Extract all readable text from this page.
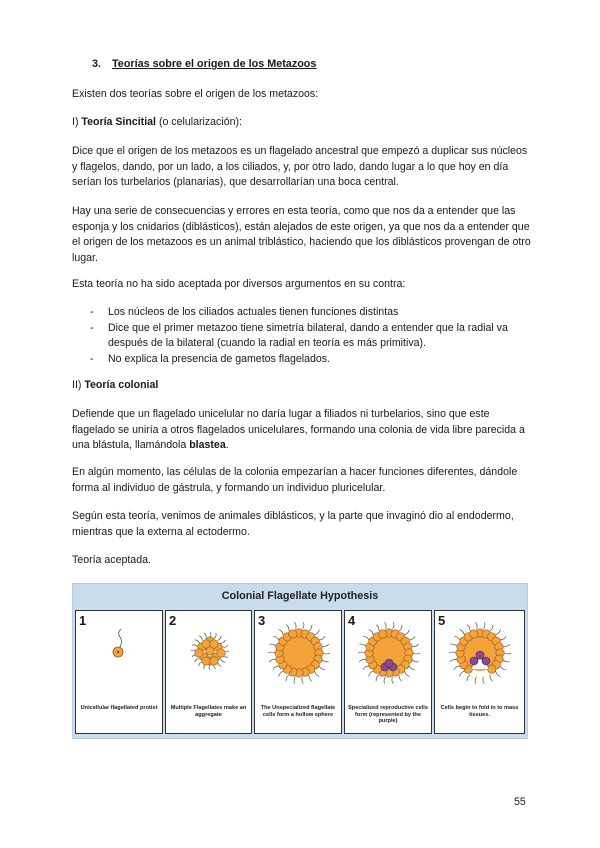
3. Teorías sobre el origen de los Metazoos

Existen dos teorías sobre el origen de los metazoos:

I) Teoría Sincitial (o celularización):

Dice que el origen de los metazoos es un flagelado ancestral que empezó a duplicar sus núcleos y flagelos, dando, por un lado, a los ciliados, y, por otro lado, dando lugar a lo que hoy en día serían los turbelarios (planarias), que desarrollarían una boca central.

Hay una serie de consecuencias y errores en esta teoría, como que nos da a entender que las esponja y los cnidarios (diblásticos), están alejados de este origen, ya que nos da a entender que el origen de los metazoos es un animal triblástico, haciendo que los diblásticos provengan de otro lugar.

Esta teoría no ha sido aceptada por diversos argumentos en su contra:

- Los núcleos de los ciliados actuales tienen funciones distintas
- Dice que el primer metazoo tiene simetría bilateral, dando a entender que la radial va después de la bilateral (cuando la radial en teoría es más primitiva).
- No explica la presencia de gametos flagelados.

II) Teoría colonial

Defiende que un flagelado unicelular no daría lugar a filiados ni turbelarios, sino que este flagelado se uniría a otros flagelados unicelulares, formando una colonia de vida libre parecida a una blástula, llamándola blastea.

En algún momento, las células de la colonia empezarían a hacer funciones diferentes, dándole forma al individuo de gástrula, y formando un individuo pluricelular.

Según esta teoría, venimos de animales diblásticos, y la parte que invaginó dio al endodermo, mientras que la externa al ectodermo.

Teoría aceptada.

Colonial Flagellate Hypothesis
1
Unicellular flagellated protist
2
Multiple Flagellates make an aggregate
3
The Unspecialized flagellate cells form a hollow sphere
4
Specialized reproductive cells form (represented by the purple)
5
Cells begin to fold in to mass tissues.
55
